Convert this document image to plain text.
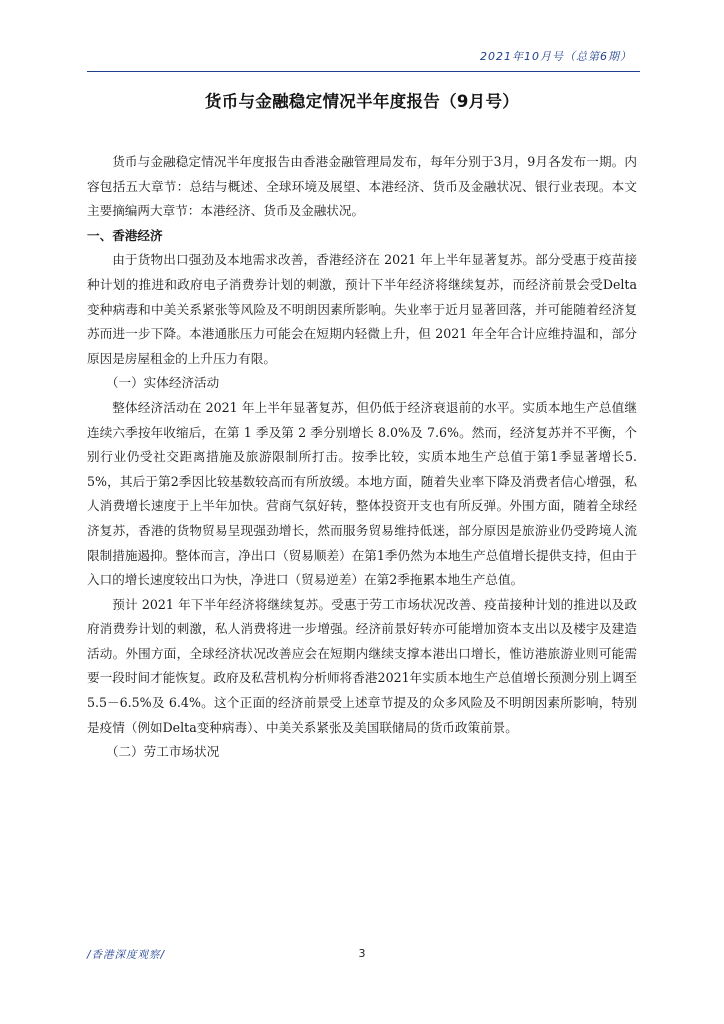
2021年10月号（总第6期）
货币与金融稳定情况半年度报告（9月号）

货币与金融稳定情况半年度报告由香港金融管理局发布，每年分别于3月，9月各发布一期。内容包括五大章节：总结与概述、全球环境及展望、本港经济、货币及金融状况、银行业表现。本文主要摘编两大章节：本港经济、货币及金融状况。

一、香港经济

由于货物出口强劲及本地需求改善，香港经济在 2021 年上半年显著复苏。部分受惠于疫苗接种计划的推进和政府电子消费券计划的刺激，预计下半年经济将继续复苏，而经济前景会受Delta变种病毒和中美关系紧张等风险及不明朗因素所影响。失业率于近月显著回落，并可能随着经济复苏而进一步下降。本港通胀压力可能会在短期内轻微上升，但 2021 年全年合计应维持温和，部分原因是房屋租金的上升压力有限。

（一）实体经济活动

整体经济活动在 2021 年上半年显著复苏，但仍低于经济衰退前的水平。实质本地生产总值继连续六季按年收缩后，在第 1 季及第 2 季分别增长 8.0%及 7.6%。然而，经济复苏并不平衡，个别行业仍受社交距离措施及旅游限制所打击。按季比较，实质本地生产总值于第1季显著增长5.5%，其后于第2季因比较基数较高而有所放缓。本地方面，随着失业率下降及消费者信心增强，私人消费增长速度于上半年加快。营商气氛好转，整体投资开支也有所反弹。外围方面，随着全球经济复苏，香港的货物贸易呈现强劲增长，然而服务贸易维持低迷，部分原因是旅游业仍受跨境人流限制措施遏抑。整体而言，净出口（贸易顺差）在第1季仍然为本地生产总值增长提供支持，但由于入口的增长速度较出口为快，净进口（贸易逆差）在第2季拖累本地生产总值。

预计 2021 年下半年经济将继续复苏。受惠于劳工市场状况改善、疫苗接种计划的推进以及政府消费券计划的刺激，私人消费将进一步增强。经济前景好转亦可能增加资本支出以及楼宇及建造活动。外围方面，全球经济状况改善应会在短期内继续支撑本港出口增长，惟访港旅游业则可能需要一段时间才能恢复。政府及私营机构分析师将香港2021年实质本地生产总值增长预测分别上调至 5.5－6.5%及 6.4%。这个正面的经济前景受上述章节提及的众多风险及不明朗因素所影响，特别是疫情（例如Delta变种病毒）、中美关系紧张及美国联储局的货币政策前景。

（二）劳工市场状况

/香港深度观察/	3
